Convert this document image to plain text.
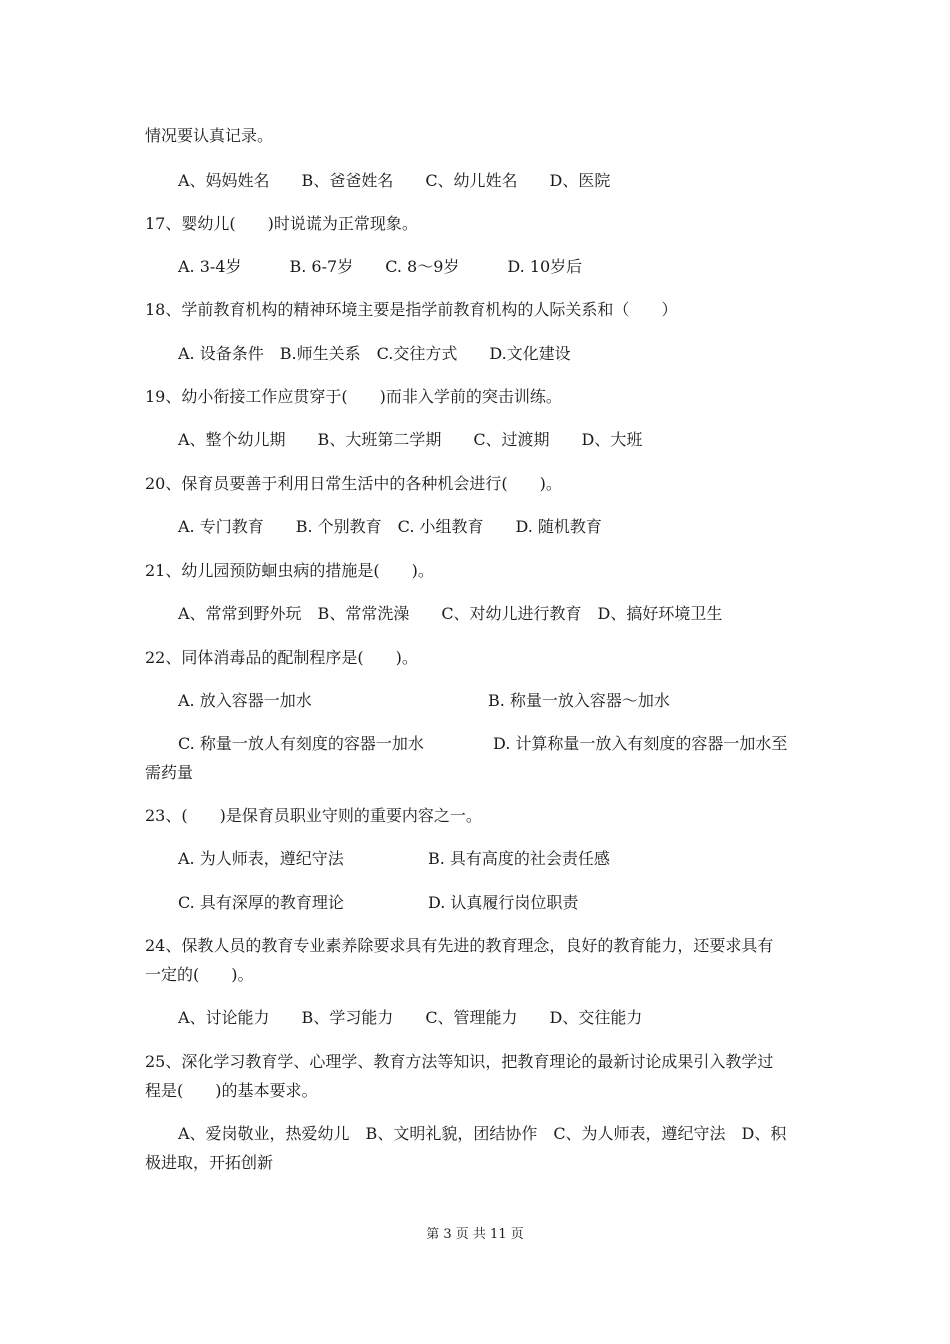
情况要认真记录。
A、妈妈姓名　　B、爸爸姓名　　C、幼儿姓名　　D、医院
17、婴幼儿(　　)时说谎为正常现象。
A. 3-4岁　　　B. 6-7岁　　C. 8～9岁　　　D. 10岁后
18、学前教育机构的精神环境主要是指学前教育机构的人际关系和（　　）
A. 设备条件　B.师生关系　C.交往方式　　D.文化建设
19、幼小衔接工作应贯穿于(　　)而非入学前的突击训练。
A、整个幼儿期　　B、大班第二学期　　C、过渡期　　D、大班
20、保育员要善于利用日常生活中的各种机会进行(　　)。
A. 专门教育　　B. 个别教育　C. 小组教育　　D. 随机教育
21、幼儿园预防蛔虫病的措施是(　　)。
A、常常到野外玩　B、常常洗澡　　C、对幼儿进行教育　D、搞好环境卫生
22、同体消毒品的配制程序是(　　)。
A. 放入容器一加水	B. 称量一放入容器～加水
C. 称量一放人有刻度的容器一加水	D. 计算称量一放入有刻度的容器一加水至
需药量
23、(　　)是保育员职业守则的重要内容之一。
A. 为人师表，遵纪守法	B. 具有高度的社会责任感
C. 具有深厚的教育理论	D. 认真履行岗位职责
24、保教人员的教育专业素养除要求具有先进的教育理念，良好的教育能力，还要求具有
一定的(　　)。
A、讨论能力　　B、学习能力　　C、管理能力　　D、交往能力
25、深化学习教育学、心理学、教育方法等知识，把教育理论的最新讨论成果引入教学过
程是(　　)的基本要求。
A、爱岗敬业，热爱幼儿　B、文明礼貌，团结协作　C、为人师表，遵纪守法　D、积
极进取，开拓创新
第 3 页 共 11 页
